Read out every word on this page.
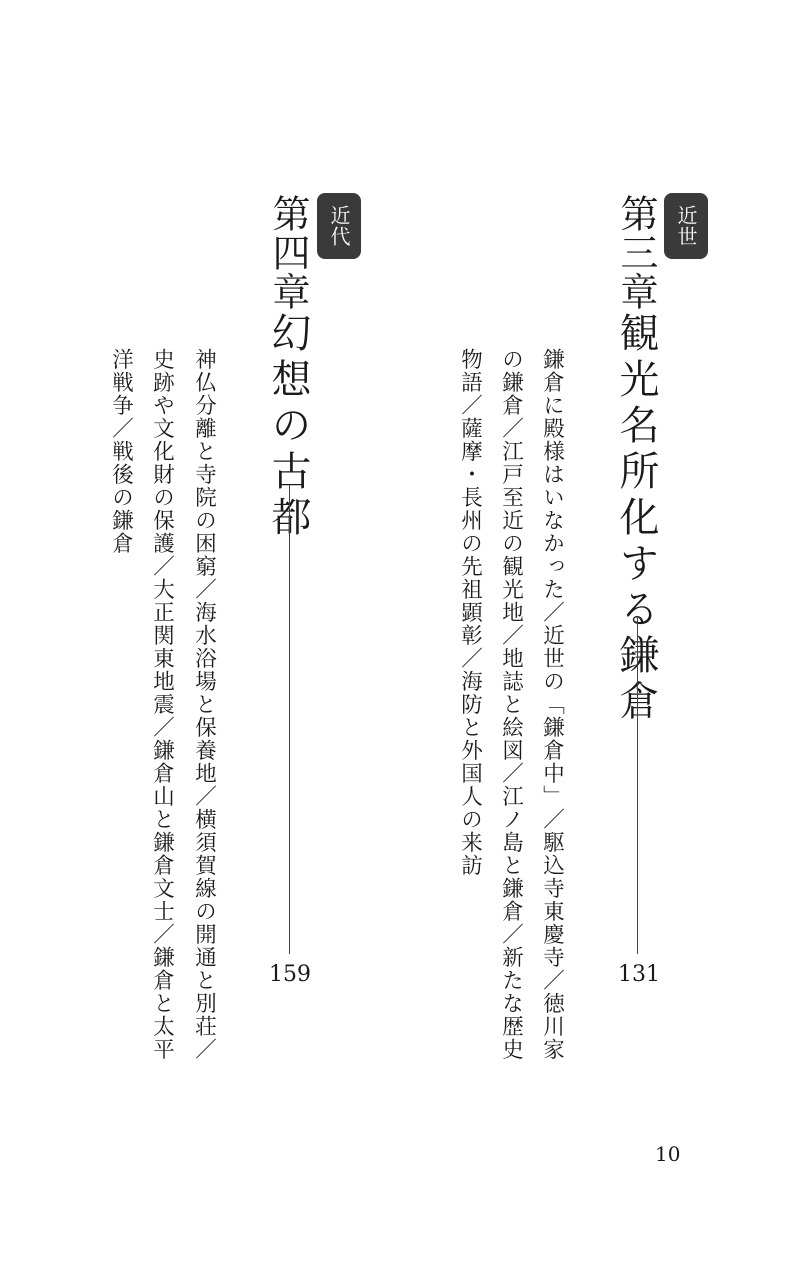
近世
第三章
観光名所化する鎌倉
131
鎌倉に殿様はいなかった／近世の「鎌倉中」／駆込寺東慶寺／徳川家
の鎌倉／江戸至近の観光地／地誌と絵図／江ノ島と鎌倉／新たな歴史
物語／薩摩・長州の先祖顕彰／海防と外国人の来訪
近代
第四章
幻想の古都
159
神仏分離と寺院の困窮／海水浴場と保養地／横須賀線の開通と別荘／
史跡や文化財の保護／大正関東地震／鎌倉山と鎌倉文士／鎌倉と太平
洋戦争／戦後の鎌倉
10
